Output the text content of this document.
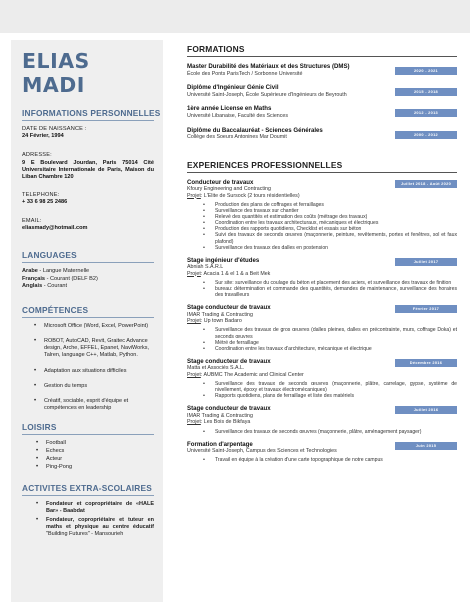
ELIAS MADI
INFORMATIONS PERSONNELLES
DATE DE NAISSANCE :
24 Février, 1994
ADRESSE:
9 E Boulevard Jourdan, Paris 75014 Cité Universitaire Internationale de Paris, Maison du Liban Chambre 120
TELEPHONE:
+ 33 6 98 25 2486
EMAIL:
eliasmady@hotmail.com
LANGUAGES
Arabe - Langue Maternelle
Français - Courant (DELF B2)
Anglais - Courant
COMPÉTENCES
• Microsoft Office (Word, Excel, PowerPoint)
• ROBOT, AutoCAD, Revit, Graitec Advance design, Arche, EFFEL, Epanet, NaviWorks, Talren, language C++, Matlab, Python.
• Adaptation aux situations difficiles
• Gestion du temps
• Créatif, sociable, esprit d'équipe et compétences en leadership
LOISIRS
• Football
• Echecs
• Acteur
• Ping-Pong
ACTIVITES EXTRA-SCOLAIRES
• Fondateur et copropriétaire de «HALE Bar» - Baabdat
• Fondateur, copropriétaire et tuteur en maths et physique au centre éducatif "Building Futures" - Mansourieh
FORMATIONS
Master Durabilité des Matériaux et des Structures (DMS)
École des Ponts ParisTech / Sorbonne Université
2020 - 2021
Diplôme d'Ingénieur Génie Civil
Université Saint-Joseph, École Supérieure d'Ingénieurs de Beyrouth
2015 - 2018
1ère année License en Maths
Université Libanaise, Faculté des Sciences
2012 - 2013
Diplôme du Baccalauréat - Sciences Générales
Collège des Soeurs Antonines Mar Doumit
2000 - 2012
EXPERIENCES PROFESSIONNELLES
Conducteur de travaux
Kfoury Engineering and Contracting
Projet: L'Elite de Sursock (2 tours résidentielles)
Juillet 2018 - Août 2020
• Production des plans de coffrages et ferraillages
• Surveillance des travaux sur chantier
• Relevé des quantités et estimation des coûts (métrage des travaux)
• Coordination entre les travaux architecturaux, mécaniques et électriques
• Production des rapports quotidiens, Checklist et essais sur béton
• Suivi des travaux de seconds œuvres (maçonnerie, peinture, revêtements, portes et fenêtres, sol et faux plafond)
• Surveillance des travaux des dalles en postension
Stage ingénieur d'études
Abniah S.A.R.L
Projet: Acacia 1 & el 1 & a Beit Mek
Juillet 2017
• Sur site: surveillance du coulage du béton et placement des aciers, et surveillance des travaux de finition
• bureau: détermination et commande des quantités, demandes de maintenance, surveillance des horaires des travailleurs
Stage conducteur de travaux
IMAR Trading & Contracting
Projet: Up town Badaro
Février 2017
• Surveillance des travaux de gros œuvres (dalles pleines, dalles en précontrainte, murs, coffrage Doka) et seconds œuvres
• Métré de ferraillage
• Coordination entre les travaux d'architecture, mécanique et électrique
Stage conducteur de travaux
Matta et Associés S.A.L.
Projet: AUBMC The Academic and Clinical Center
Décembre 2016
• Surveillance des travaux de seconds œuvres (maçonnerie, plâtre, carrelage, gypse, système de nivellement, époxy et travaux électromécaniques)
• Rapports quotidiens, plans de ferraillage et liste des matériels
Stage conducteur de travaux
IMAR Trading & Contracting
Projet: Les Bois de Bikfaya
Juillet 2016
• Surveillance des travaux de seconds œuvres (maçonnerie, plâtre, aménagement paysager)
Formation d'arpentage
Université Saint-Joseph, Campus des Sciences et Technologies
Juin 2015
• Travail en équipe à la création d'une carte topographique de notre campus
